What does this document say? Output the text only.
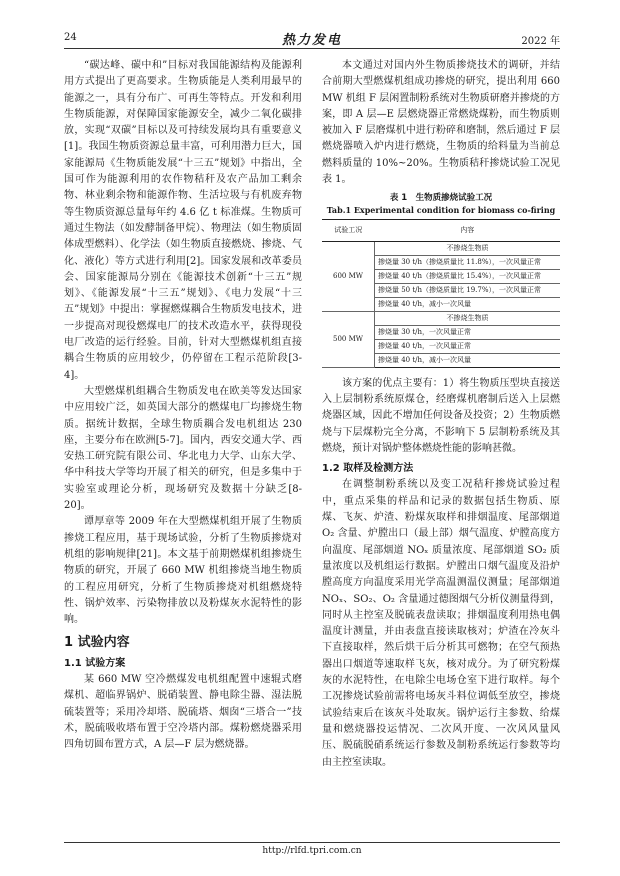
24	热力发电	2022 年

“碳达峰、碳中和”目标对我国能源结构及能源利用方式提出了更高要求。生物质能是人类利用最早的能源之一，具有分布广、可再生等特点。开发和利用生物质能源，对保障国家能源安全，减少二氧化碳排放，实现“双碳”目标以及可持续发展均具有重要意义[1]。我国生物质资源总量丰富，可利用潜力巨大，国家能源局《生物质能发展“十三五”规划》中指出，全国可作为能源利用的农作物秸秆及农产品加工剩余物、林业剩余物和能源作物、生活垃圾与有机废弃物等生物质资源总量每年约 4.6 亿 t 标准煤。生物质可通过生物法（如发酵制备甲烷）、物理法（如生物质固体成型燃料）、化学法（如生物质直接燃烧、掺烧、气化、液化）等方式进行利用[2]。国家发展和改革委员会、国家能源局分别在《能源技术创新“十三五”规划》、《能源发展“十三五”规划》、《电力发展“十三五”规划》中提出：掌握燃煤耦合生物质发电技术，进一步提高对现役燃煤电厂的技术改造水平，获得现役电厂改造的运行经验。目前，针对大型燃煤机组直接耦合生物质的应用较少，仍停留在工程示范阶段[3-4]。

大型燃煤机组耦合生物质发电在欧美等发达国家中应用较广泛，如英国大部分的燃煤电厂均掺烧生物质。据统计数据，全球生物质耦合发电机组达 230 座，主要分布在欧洲[5-7]。国内，西安交通大学、西安热工研究院有限公司、华北电力大学、山东大学、华中科技大学等均开展了相关的研究，但是多集中于实验室或理论分析，现场研究及数据十分缺乏[8-20]。

谭厚章等 2009 年在大型燃煤机组开展了生物质掺烧工程应用，基于现场试验，分析了生物质掺烧对机组的影响规律[21]。本文基于前期燃煤机组掺烧生物质的研究，开展了 660 MW 机组掺烧当地生物质的工程应用研究，分析了生物质掺烧对机组燃烧特性、锅炉效率、污染物排放以及粉煤灰水泥特性的影响。

1 试验内容
1.1 试验方案

某 660 MW 空冷燃煤发电机组配置中速辊式磨煤机、超临界锅炉、脱硝装置、静电除尘器、湿法脱硫装置等；采用冷却塔、脱硫塔、烟囱“三塔合一”技术，脱硫吸收塔布置于空冷塔内部。煤粉燃烧器采用四角切圆布置方式，A 层—F 层为燃烧器。

本文通过对国内外生物质掺烧技术的调研，并结合前期大型燃煤机组成功掺烧的研究，提出利用 660 MW 机组 F 层闲置制粉系统对生物质研磨并掺烧的方案，即 A 层—E 层燃烧器正常燃烧煤粉，而生物质则被加入 F 层磨煤机中进行粉碎和磨制，然后通过 F 层燃烧器喷入炉内进行燃烧，生物质的给料量为当前总燃料质量的 10%~20%。生物质秸秆掺烧试验工况见表 1。

表 1　生物质掺烧试验工况
Tab.1 Experimental condition for biomass co-firing
试验工况	内容
600 MW	不掺烧生物质
	掺烧量 30 t/h（掺烧质量比 11.8%），一次风量正常
	掺烧量 40 t/h（掺烧质量比 15.4%），一次风量正常
	掺烧量 50 t/h（掺烧质量比 19.7%），一次风量正常
	掺烧量 40 t/h，减小一次风量
500 MW	不掺烧生物质
	掺烧量 30 t/h，一次风量正常
	掺烧量 40 t/h，一次风量正常
	掺烧量 40 t/h，减小一次风量

该方案的优点主要有：1）将生物质压型块直接送入上层制粉系统原煤仓，经磨煤机磨制后送入上层燃烧器区域，因此不增加任何设备及投资；2）生物质燃烧与下层煤粉完全分离，不影响下 5 层制粉系统及其燃烧，预计对锅炉整体燃烧性能的影响甚微。

1.2 取样及检测方法

在调整制粉系统以及变工况秸秆掺烧试验过程中，重点采集的样品和记录的数据包括生物质、原煤、飞灰、炉渣、粉煤灰取样和排烟温度、尾部烟道 O₂ 含量、炉膛出口（最上部）烟气温度、炉膛高度方向温度、尾部烟道 NOₓ 质量浓度、尾部烟道 SO₂ 质量浓度以及机组运行数据。炉膛出口烟气温度及沿炉膛高度方向温度采用光学高温测温仪测量；尾部烟道 NOₓ、SO₂、O₂ 含量通过德图烟气分析仪测量得到，同时从主控室及脱硫表盘读取；排烟温度利用热电偶温度计测量，并由表盘直接读取核对；炉渣在冷灰斗下直接取样，然后烘干后分析其可燃物；在空气预热器出口烟道等速取样飞灰，核对成分。为了研究粉煤灰的水泥特性，在电除尘电场仓室下进行取样。每个工况掺烧试验前需将电场灰斗料位调低至放空，掺烧试验结束后在该灰斗处取灰。锅炉运行主参数、给煤量和燃烧器投运情况、二次风开度、一次风风量风压、脱硫脱硝系统运行参数及制粉系统运行参数等均由主控室读取。

http://rlfd.tpri.com.cn
